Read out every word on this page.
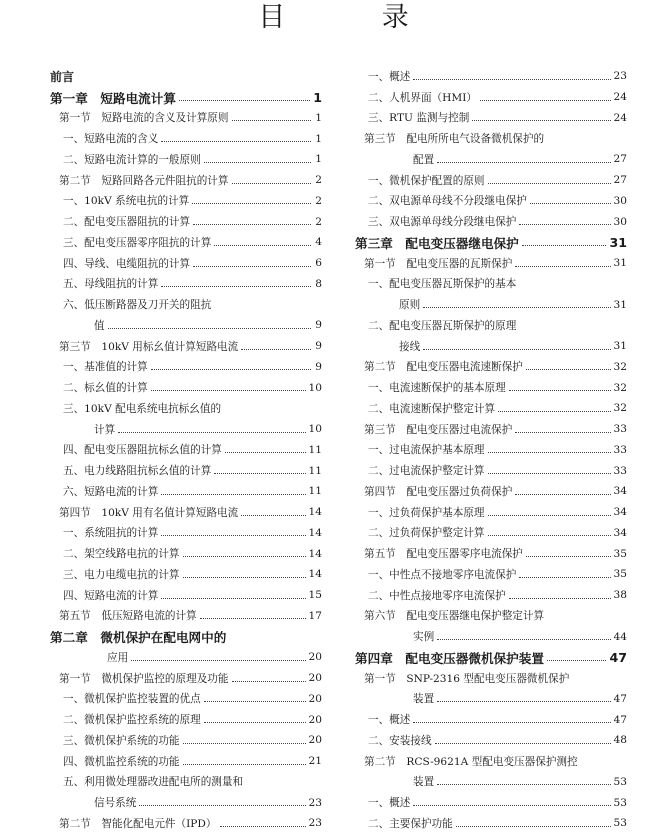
目 录
前言
第一章　短路电流计算	1
第一节　短路电流的含义及计算原则	1
一、短路电流的含义	1
二、短路电流计算的一般原则	1
第二节　短路回路各元件阻抗的计算	2
一、10kV 系统电抗的计算	2
二、配电变压器阻抗的计算	2
三、配电变压器零序阻抗的计算	4
四、导线、电缆阻抗的计算	6
五、母线阻抗的计算	8
六、低压断路器及刀开关的阻抗
值	9
第三节　10kV 用标幺值计算短路电流	9
一、基准值的计算	9
二、标幺值的计算	10
三、10kV 配电系统电抗标幺值的
计算	10
四、配电变压器阻抗标幺值的计算	11
五、电力线路阻抗标幺值的计算	11
六、短路电流的计算	11
第四节　10kV 用有名值计算短路电流	14
一、系统阻抗的计算	14
二、架空线路电抗的计算	14
三、电力电缆电抗的计算	14
四、短路电流的计算	15
第五节　低压短路电流的计算	17
第二章　微机保护在配电网中的
应用	20
第一节　微机保护监控的原理及功能	20
一、微机保护监控装置的优点	20
二、微机保护监控系统的原理	20
三、微机保护系统的功能	20
四、微机监控系统的功能	21
五、利用微处理器改进配电所的测量和
信号系统	23
第二节　智能化配电元件（IPD）	23
一、概述	23
二、人机界面（HMI）	24
三、RTU 监测与控制	24
第三节　配电所所电气设备微机保护的
配置	27
一、微机保护配置的原则	27
二、双电源单母线不分段继电保护	30
三、双电源单母线分段继电保护	30
第三章　配电变压器继电保护	31
第一节　配电变压器的瓦斯保护	31
一、配电变压器瓦斯保护的基本
原则	31
二、配电变压器瓦斯保护的原理
接线	31
第二节　配电变压器电流速断保护	32
一、电流速断保护的基本原理	32
二、电流速断保护整定计算	32
第三节　配电变压器过电流保护	33
一、过电流保护基本原理	33
二、过电流保护整定计算	33
第四节　配电变压器过负荷保护	34
一、过负荷保护基本原理	34
二、过负荷保护整定计算	34
第五节　配电变压器零序电流保护	35
一、中性点不接地零序电流保护	35
二、中性点接地零序电流保护	38
第六节　配电变压器继电保护整定计算
实例	44
第四章　配电变压器微机保护装置	47
第一节　SNP-2316 型配电变压器微机保护
装置	47
一、概述	47
二、安装接线	48
第二节　RCS-9621A 型配电变压器保护测控
装置	53
一、概述	53
二、主要保护功能	53
